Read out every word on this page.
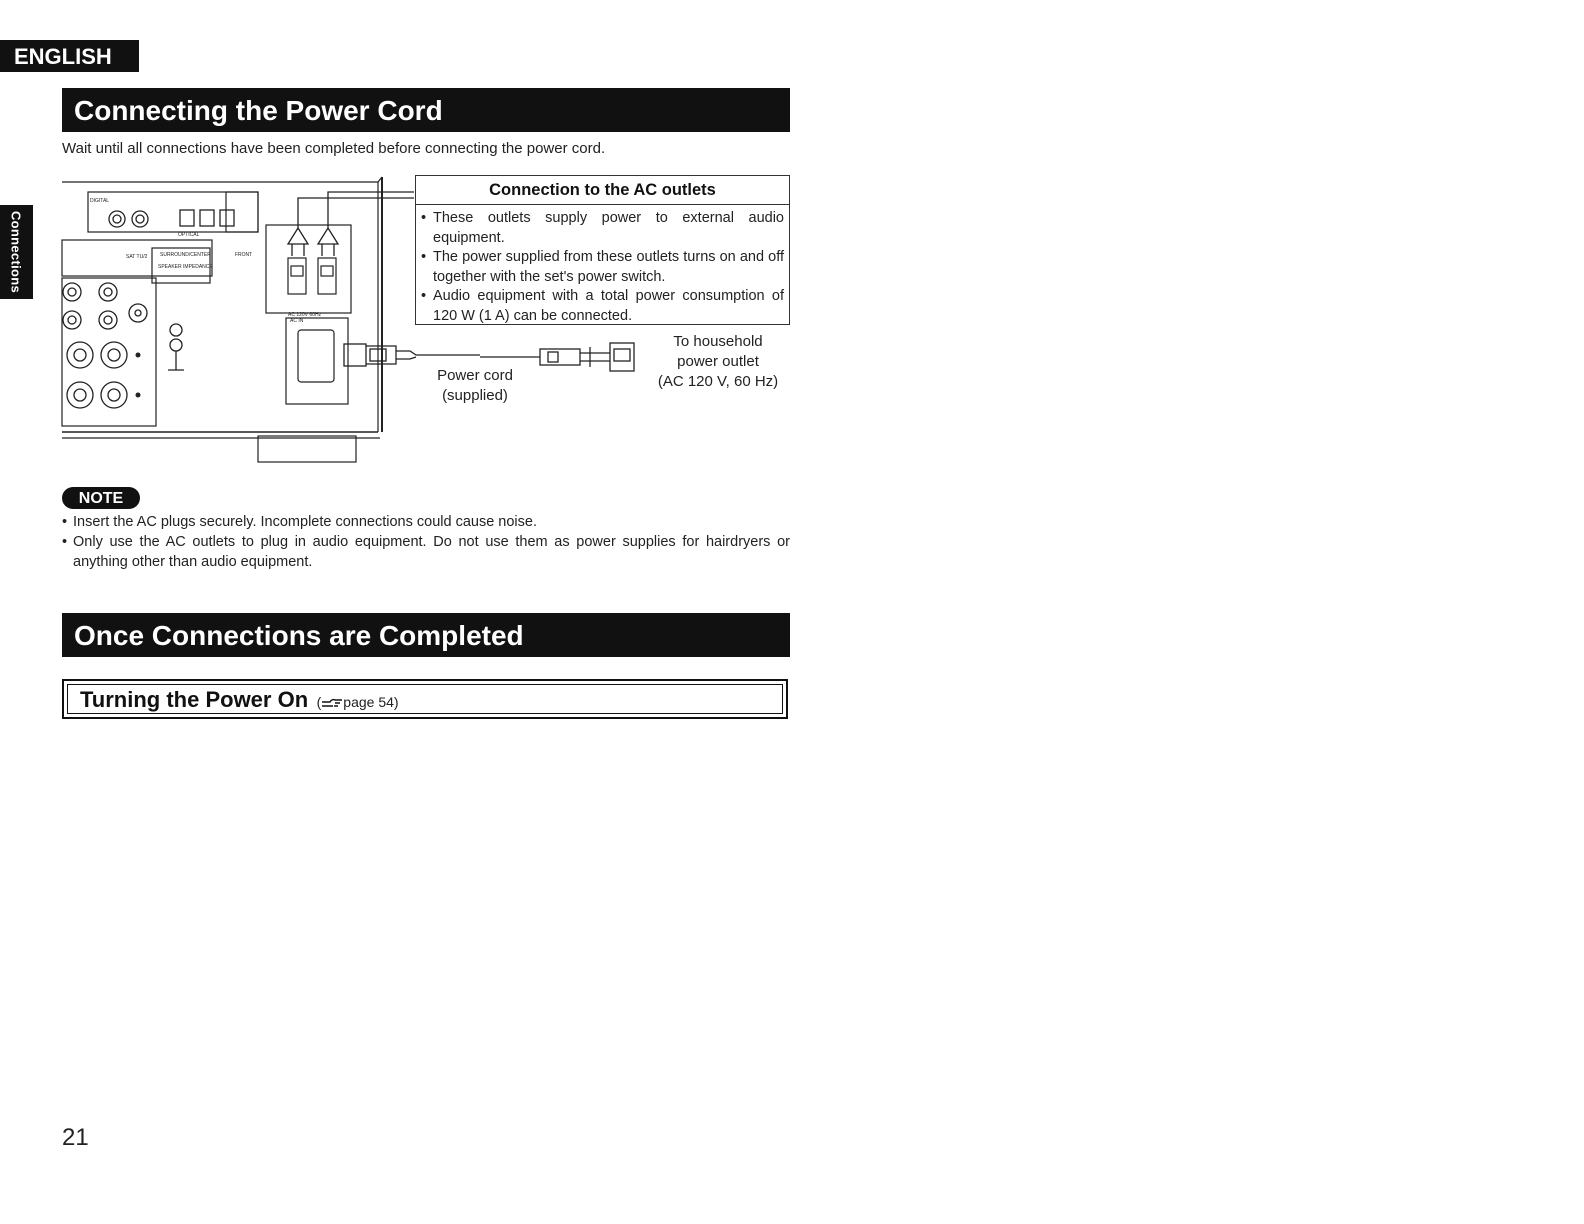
ENGLISH
Connections
Connecting the Power Cord
Wait until all connections have been completed before connecting the power cord.
DIGITAL
OPTICAL
SURROUND/CENTER	FRONT
SPEAKER IMPEDANCE
SAT TU/2
AC 120V 60Hz
AC IN
Connection to the AC outlets
• These outlets supply power to external audio equipment.
• The power supplied from these outlets turns on and off together with the set's power switch.
• Audio equipment with a total power consumption of 120 W (1 A) can be connected.
Power cord
(supplied)
To household
power outlet
(AC 120 V, 60 Hz)
NOTE
• Insert the AC plugs securely. Incomplete connections could cause noise.
• Only use the AC outlets to plug in audio equipment. Do not use them as power supplies for hairdryers or anything other than audio equipment.
Once Connections are Completed
Turning the Power On ( page 54)
21
